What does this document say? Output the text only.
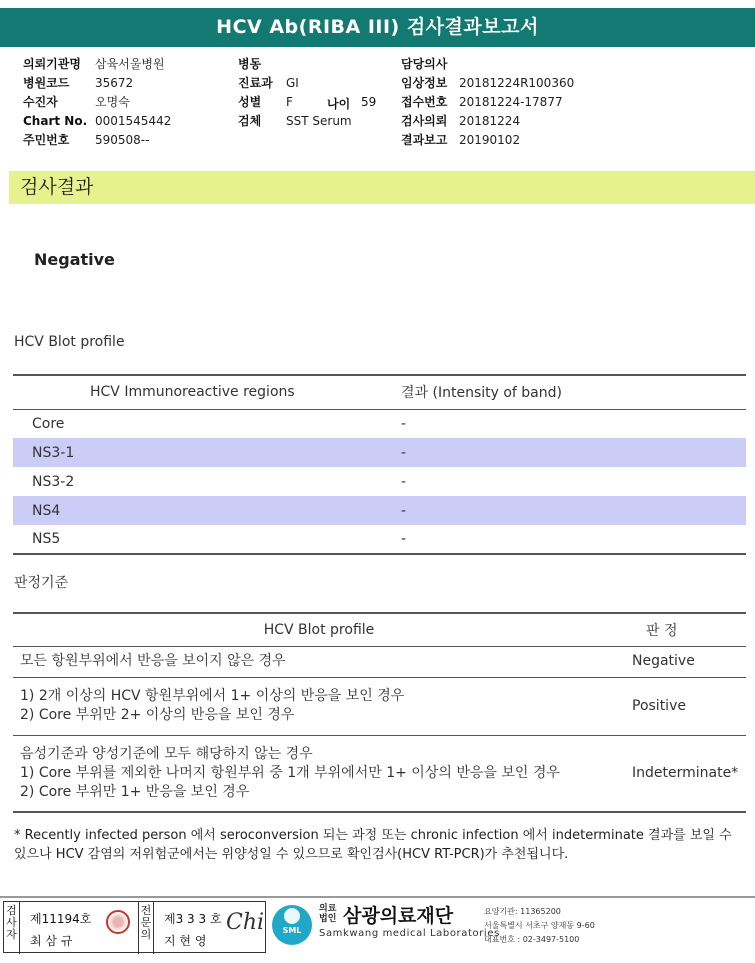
HCV Ab(RIBA III) 검사결과보고서
의뢰기관명 삼육서울병원
병원코드 35672
수진자	오명숙
Chart No. 0001545442
주민번호 590508--
병동
진료과 GI
성별 F
검체 SST Serum
나이 59
담당의사
임상정보 20181224R100360
접수번호 20181224-17877
검사의뢰 20181224
결과보고 20190102
검사결과
Negative
HCV Blot profile
HCV Immunoreactive regions	결과 (Intensity of band)
Core	-
NS3-1	-
NS3-2	-
NS4	-
NS5	-
판정기준
HCV Blot profile	판 정

모든 항원부위에서 반응을 보이지 않은 경우	Negative

1) 2개 이상의 HCV 항원부위에서 1+ 이상의 반응을 보인 경우
2) Core 부위만 2+ 이상의 반응을 보인 경우	Positive

음성기준과 양성기준에 모두 해당하지 않는 경우
1) Core 부위를 제외한 나머지 항원부위 중 1개 부위에서만 1+ 이상의 반응을 보인 경우
2) Core 부위만 1+ 반응을 보인 경우	Indeterminate*
* Recently infected person 에서 seroconversion 되는 과정 또는 chronic infection 에서 indeterminate 결과를 보일 수 있으나 HCV 감염의 저위험군에서는 위양성일 수 있으므로 확인검사(HCV RT-PCR)가 추천됩니다.
검사자
제11194호
최 삼 규
전문의
제3 3 3 호
지 현 영
Chi	SML
의료
법인 삼광의료재단
Samkwang medical Laboratories
요양기관: 11365200
서울특별시 서초구 양재동 9-60
대표번호 : 02-3497-5100
